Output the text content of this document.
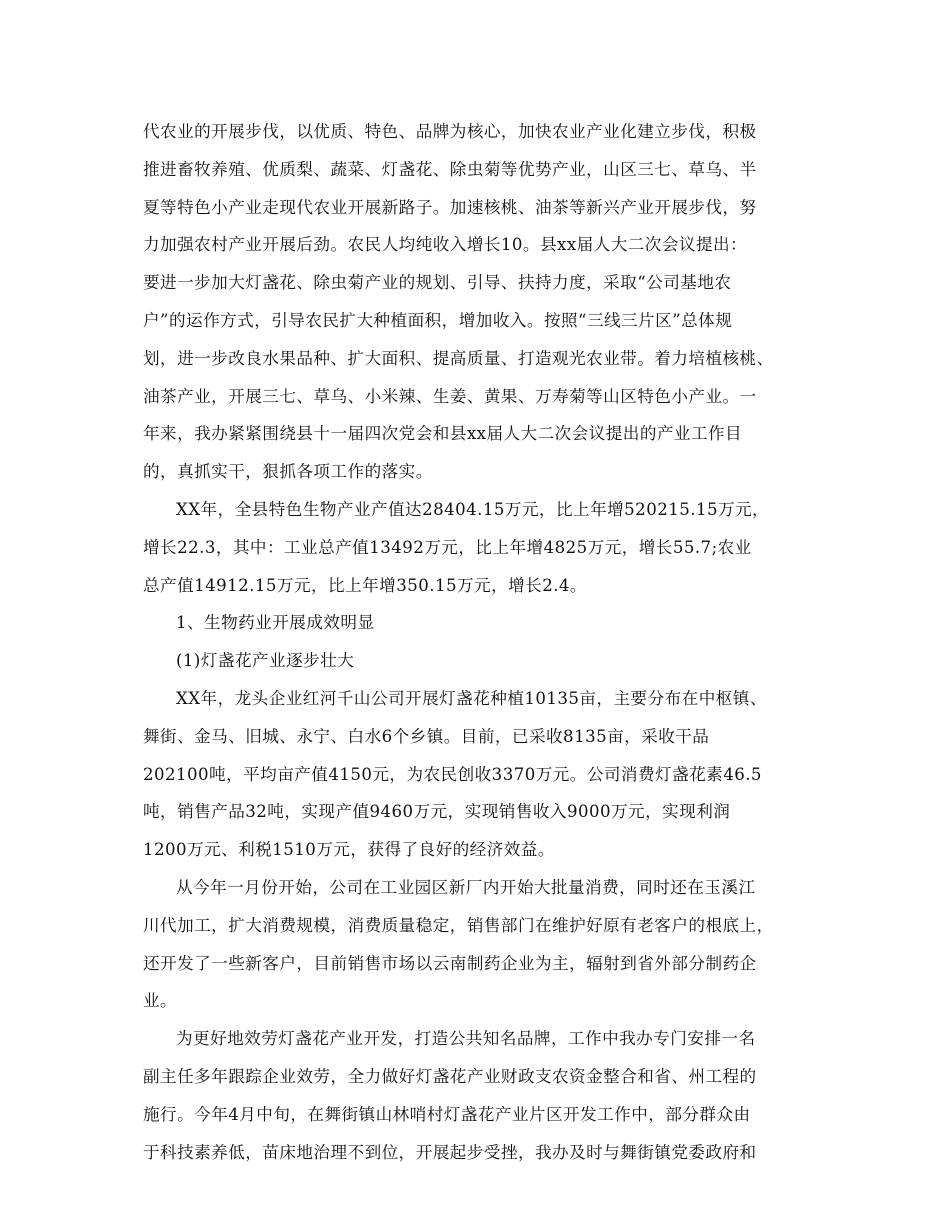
代农业的开展步伐，以优质、特色、品牌为核心，加快农业产业化建立步伐，积极
推进畜牧养殖、优质梨、蔬菜、灯盏花、除虫菊等优势产业，山区三七、草乌、半
夏等特色小产业走现代农业开展新路子。加速核桃、油茶等新兴产业开展步伐，努
力加强农村产业开展后劲。农民人均纯收入增长10。县xx届人大二次会议提出：
要进一步加大灯盏花、除虫菊产业的规划、引导、扶持力度，采取“公司基地农
户”的运作方式，引导农民扩大种植面积，增加收入。按照“三线三片区”总体规
划，进一步改良水果品种、扩大面积、提高质量、打造观光农业带。着力培植核桃、
油茶产业，开展三七、草乌、小米辣、生姜、黄果、万寿菊等山区特色小产业。一
年来，我办紧紧围绕县十一届四次党会和县xx届人大二次会议提出的产业工作目
的，真抓实干，狠抓各项工作的落实。
XX年，全县特色生物产业产值达28404.15万元，比上年增520215.15万元，
增长22.3，其中：工业总产值13492万元，比上年增4825万元，增长55.7;农业
总产值14912.15万元，比上年增350.15万元，增长2.4。
1、生物药业开展成效明显
(1)灯盏花产业逐步壮大
XX年，龙头企业红河千山公司开展灯盏花种植10135亩，主要分布在中枢镇、
舞街、金马、旧城、永宁、白水6个乡镇。目前，已采收8135亩，采收干品
202100吨，平均亩产值4150元，为农民创收3370万元。公司消费灯盏花素46.5
吨，销售产品32吨，实现产值9460万元，实现销售收入9000万元，实现利润
1200万元、利税1510万元，获得了良好的经济效益。
从今年一月份开始，公司在工业园区新厂内开始大批量消费，同时还在玉溪江
川代加工，扩大消费规模，消费质量稳定，销售部门在维护好原有老客户的根底上，
还开发了一些新客户，目前销售市场以云南制药企业为主，辐射到省外部分制药企
业。
为更好地效劳灯盏花产业开发，打造公共知名品牌，工作中我办专门安排一名
副主任多年跟踪企业效劳，全力做好灯盏花产业财政支农资金整合和省、州工程的
施行。今年4月中旬，在舞街镇山林哨村灯盏花产业片区开发工作中，部分群众由
于科技素养低，苗床地治理不到位，开展起步受挫，我办及时与舞街镇党委政府和
